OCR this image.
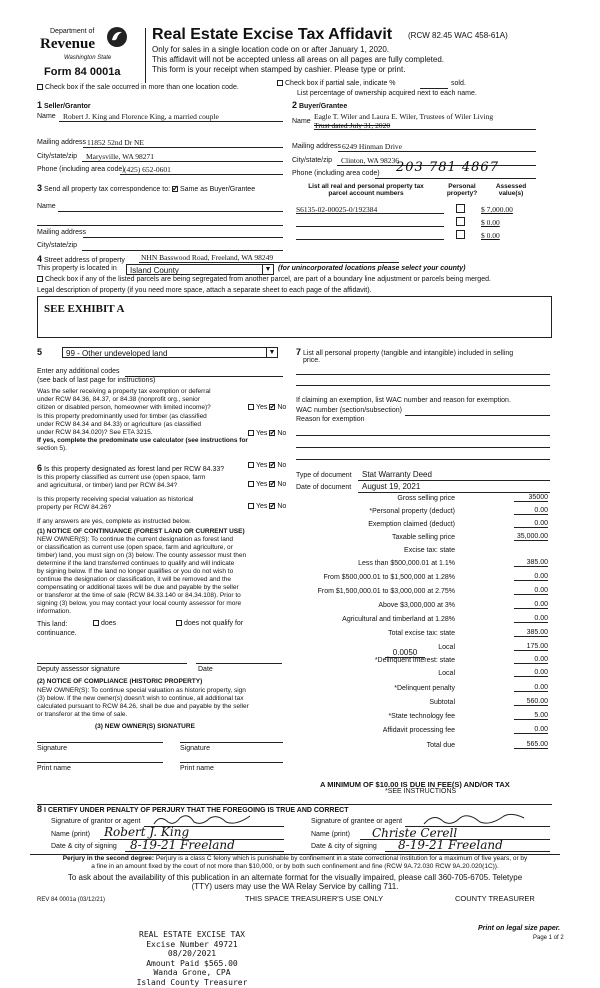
Department of
Revenue
Washington State
Form 84 0001a
Real Estate Excise Tax Affidavit (RCW 82.45 WAC 458-61A)
Only for sales in a single location code on or after January 1, 2020.
This affidavit will not be accepted unless all areas on all pages are fully completed.
This form is your receipt when stamped by cashier. Please type or print.
Check box if the sale occurred in more than one location code.
Check box if partial sale, indicate %	sold.
List percentage of ownership acquired next to each name.
1 Seller/Grantor
Name Robert J. King and Florence King, a married couple
Mailing address 11852 52nd Dr NE
City/state/zip Marysville, WA 98271
Phone (including area code) (425) 652-0601
2 Buyer/Grantee
Name
Eagle T. Wiler and Laura E. Wiler, Trustees of Wiler Living
Trust dated July 31, 2020
Mailing address 6249 Hinman Drive
City/state/zip Clinton, WA 98236
Phone (including area code) 203 781 4867
3 Send all property tax correspondence to: ✓ Same as Buyer/Grantee
Name
Mailing address
City/state/zip
List all real and personal property tax
parcel account numbers
Personal
property?
Assessed
value(s)
S6135-02-00025-0/192384	$ 7,000.00
$ 0.00
$ 0.00
4 Street address of property NHN Basswood Road, Freeland, WA 98249
This property is located in	Island County	▼ (for unincorporated locations please select your county)
Check box if any of the listed parcels are being segregated from another parcel, are part of a boundary line adjustment or parcels being merged.
Legal description of property (if you need more space, attach a separate sheet to each page of the affidavit).
SEE EXHIBIT A
5	99 - Other undeveloped land	▼
Enter any additional codes
(see back of last page for instructions)
Was the seller receiving a property tax exemption or deferral
under RCW 84.36, 84.37, or 84.38 (nonprofit org., senior
citizen or disabled person, homeowner with limited income)?	Yes ✓ No
Is this property predominantly used for timber (as classified
under RCW 84.34 and 84.33) or agriculture (as classified
under RCW 84.34.020)? See ETA 3215.
If yes, complete the predominate use calculator (see instructions for
section 5).
Yes ✓ No
6 Is this property designated as forest land per RCW 84.33?
Yes ✓ No
Is this property classified as current use (open space, farm
and agricultural, or timber) land per RCW 84.34?	Yes ✓ No
Is this property receiving special valuation as historical
property per RCW 84.26?	Yes ✓ No
If any answers are yes, complete as instructed below.
(1) NOTICE OF CONTINUANCE (FOREST LAND OR CURRENT USE)
NEW OWNER(S): To continue the current designation as forest land
or classification as current use (open space, farm and agriculture, or
timber) land, you must sign on (3) below. The county assessor must then
determine if the land transferred continues to qualify and will indicate
by signing below. If the land no longer qualifies or you do not wish to
continue the designation or classification, it will be removed and the
compensating or additional taxes will be due and payable by the seller
or transferor at the time of sale (RCW 84.33.140 or 84.34.108). Prior to
signing (3) below, you may contact your local county assessor for more
information.
This land:	does	does not qualify for
continuance.
Deputy assessor signature	Date
(2) NOTICE OF COMPLIANCE (HISTORIC PROPERTY)
NEW OWNER(S): To continue special valuation as historic property, sign
(3) below. If the new owner(s) doesn't wish to continue, all additional tax
calculated pursuant to RCW 84.26, shall be due and payable by the seller
or transferor at the time of sale.
(3) NEW OWNER(S) SIGNATURE
Signature	Signature
Print name	Print name
7 List all personal property (tangible and intangible) included in selling
price.
If claiming an exemption, list WAC number and reason for exemption.
WAC number (section/subsection)
Reason for exemption
Type of document Stat Warranty Deed
Date of document August 19, 2021
Gross selling price	35000
*Personal property (deduct)	0.00
Exemption claimed (deduct)	0.00
Taxable selling price	35,000.00
Excise tax: state
Less than $500,000.01 at 1.1%	385.00
From $500,000.01 to $1,500,000 at 1.28%	0.00
From $1,500,000.01 to $3,000,000 at 2.75%	0.00
Above $3,000,000 at 3%	0.00
Agricultural and timberland at 1.28%	0.00
Total excise tax: state	385.00
Local	175.00
*Delinquent interest: state	0.00
Local	0.00
*Delinquent penalty	0.00
Subtotal	560.00
*State technology fee	5.00
Affidavit processing fee	0.00
Total due	565.00
0.0050
A MINIMUM OF $10.00 IS DUE IN FEE(S) AND/OR TAX
*SEE INSTRUCTIONS
8 I CERTIFY UNDER PENALTY OF PERJURY THAT THE FOREGOING IS TRUE AND CORRECT
Signature of grantor or agent
Name (print) Robert J. King
Date & city of signing 8-19-21 Freeland
Signature of grantee or agent
Name (print) Christe Cerell
Date & city of signing 8-19-21 Freeland
Perjury in the second degree: Perjury is a class C felony which is punishable by confinement in a state correctional institution for a maximum of five years, or by
a fine in an amount fixed by the court of not more than $10,000, or by both such confinement and fine (RCW 9A.72.030 RCW 9A.20.020(1C)).
To ask about the availability of this publication in an alternate format for the visually impaired, please call 360-705-6705. Teletype
(TTY) users may use the WA Relay Service by calling 711.
REV 84 0001a (03/12/21)	THIS SPACE TREASURER'S USE ONLY	COUNTY TREASURER
REAL ESTATE EXCISE TAX
Excise Number 49721
08/20/2021
Amount Paid $565.00
Wanda Grone, CPA
Island County Treasurer
Print on legal size paper.
Page 1 of 2
